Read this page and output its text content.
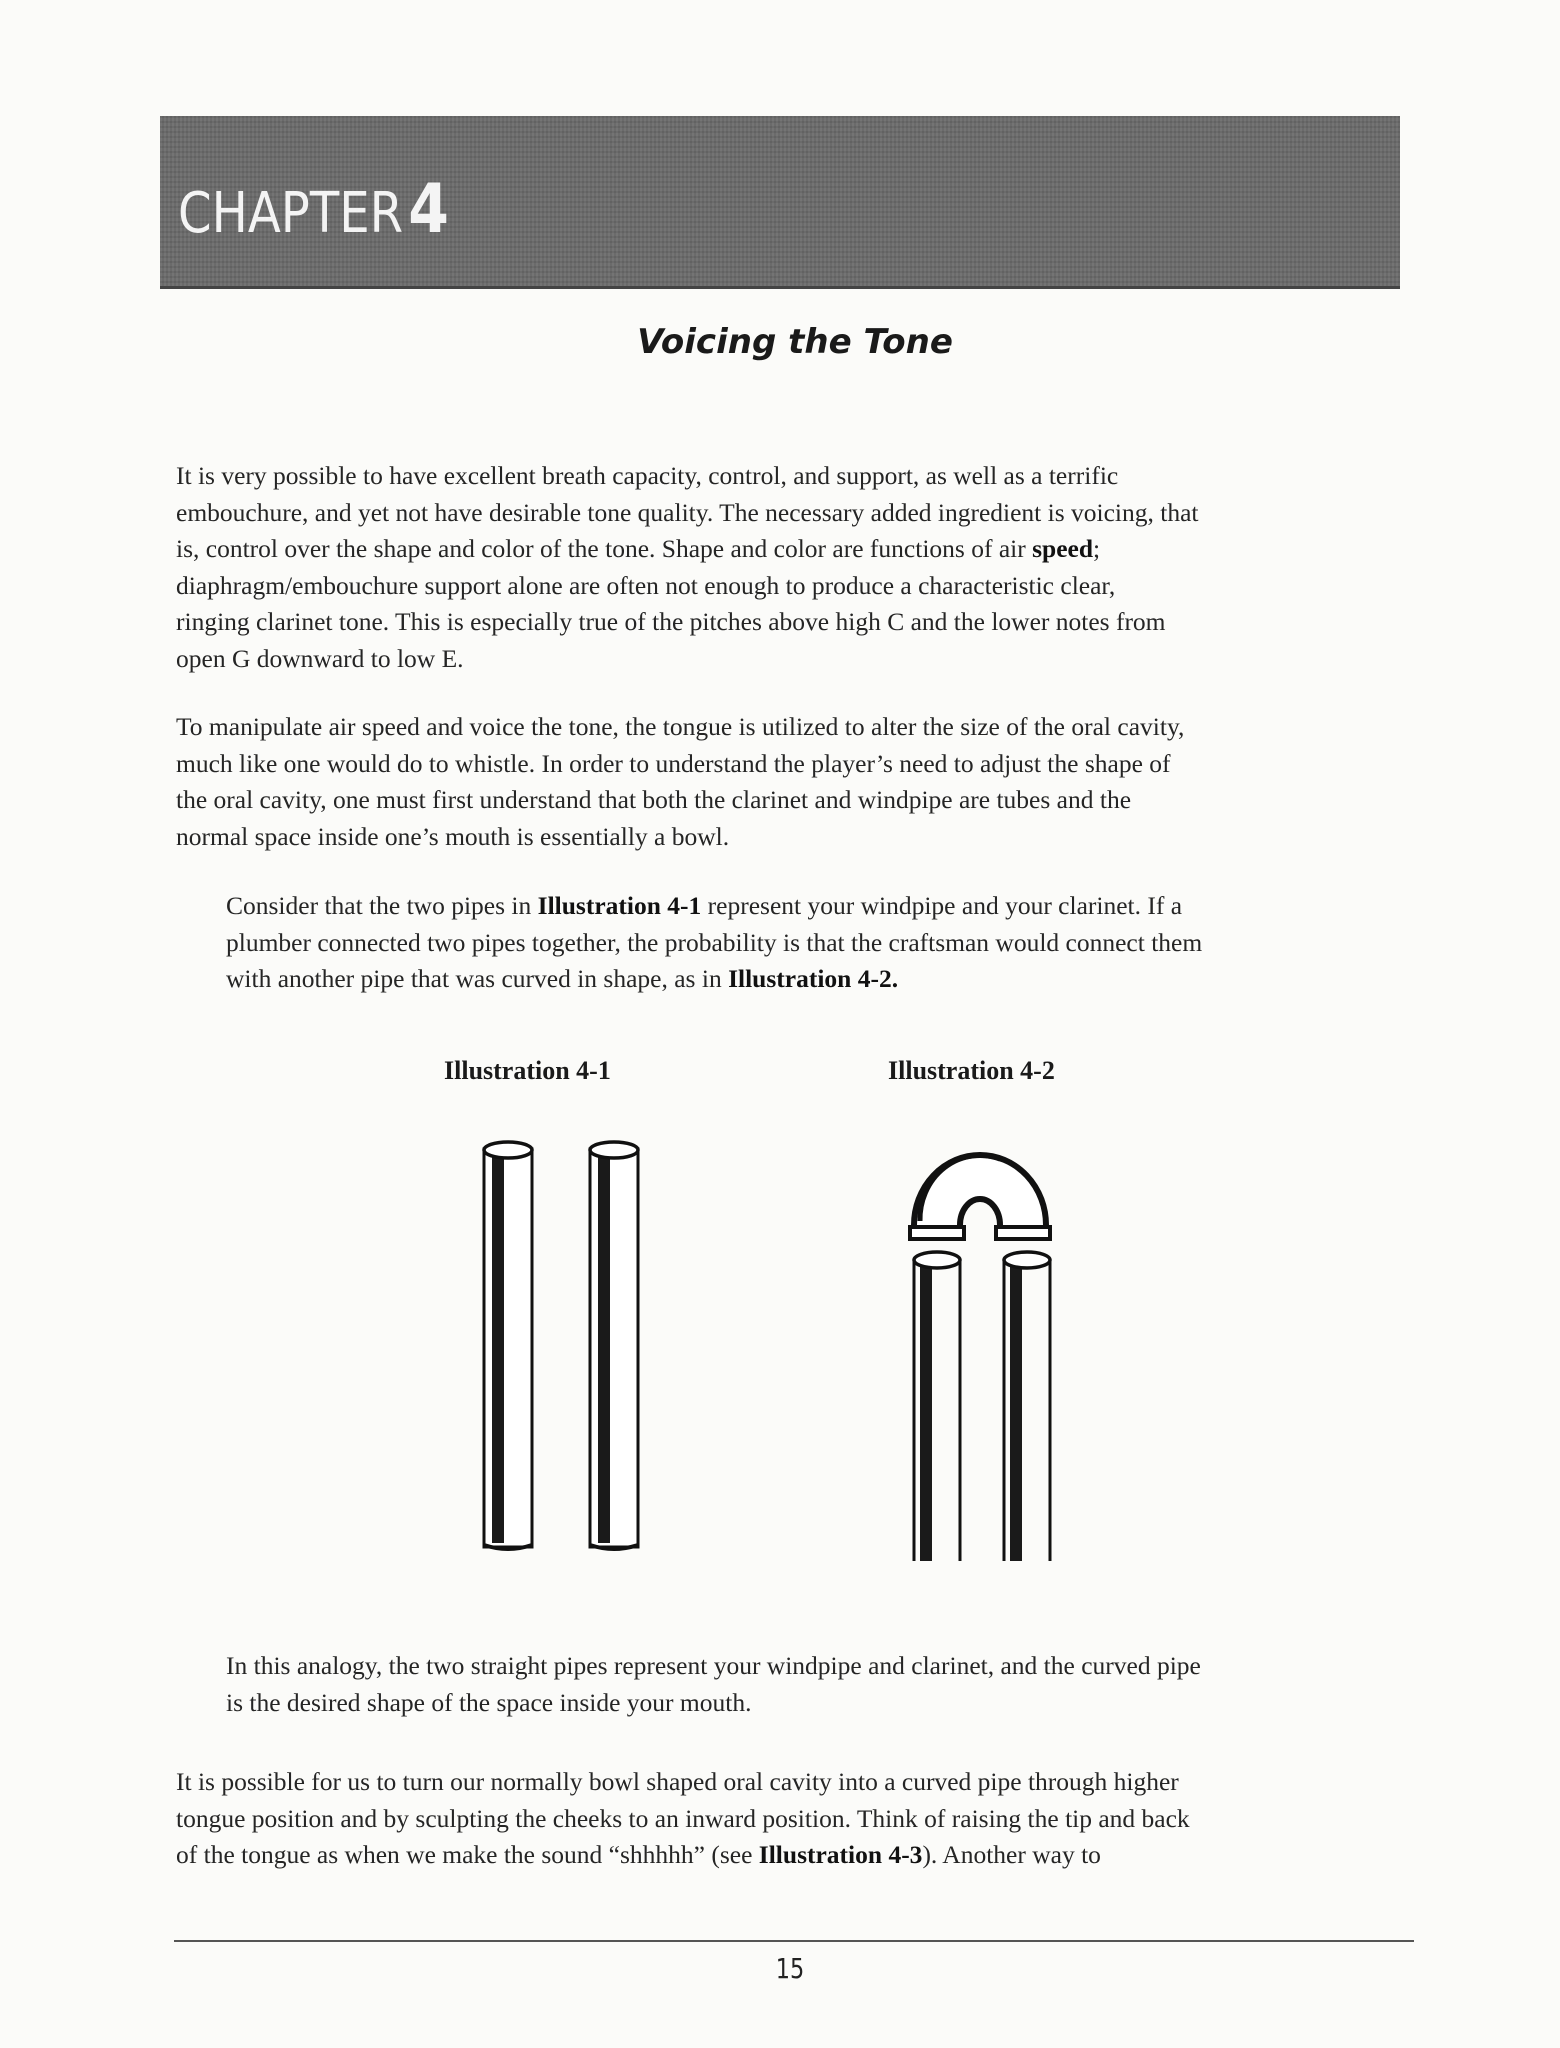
CHAPTER4
Voicing the Tone
It is very possible to have excellent breath capacity, control, and support, as well as a terrific
embouchure, and yet not have desirable tone quality. The necessary added ingredient is voicing, that
is, control over the shape and color of the tone. Shape and color are functions of air speed;
diaphragm/embouchure support alone are often not enough to produce a characteristic clear,
ringing clarinet tone. This is especially true of the pitches above high C and the lower notes from
open G downward to low E.
To manipulate air speed and voice the tone, the tongue is utilized to alter the size of the oral cavity,
much like one would do to whistle. In order to understand the player’s need to adjust the shape of
the oral cavity, one must first understand that both the clarinet and windpipe are tubes and the
normal space inside one’s mouth is essentially a bowl.
Consider that the two pipes in Illustration 4-1 represent your windpipe and your clarinet. If a
plumber connected two pipes together, the probability is that the craftsman would connect them
with another pipe that was curved in shape, as in Illustration 4-2.
Illustration 4-1	Illustration 4-2
In this analogy, the two straight pipes represent your windpipe and clarinet, and the curved pipe
is the desired shape of the space inside your mouth.
It is possible for us to turn our normally bowl shaped oral cavity into a curved pipe through higher
tongue position and by sculpting the cheeks to an inward position. Think of raising the tip and back
of the tongue as when we make the sound “shhhhh” (see Illustration 4-3). Another way to
15
